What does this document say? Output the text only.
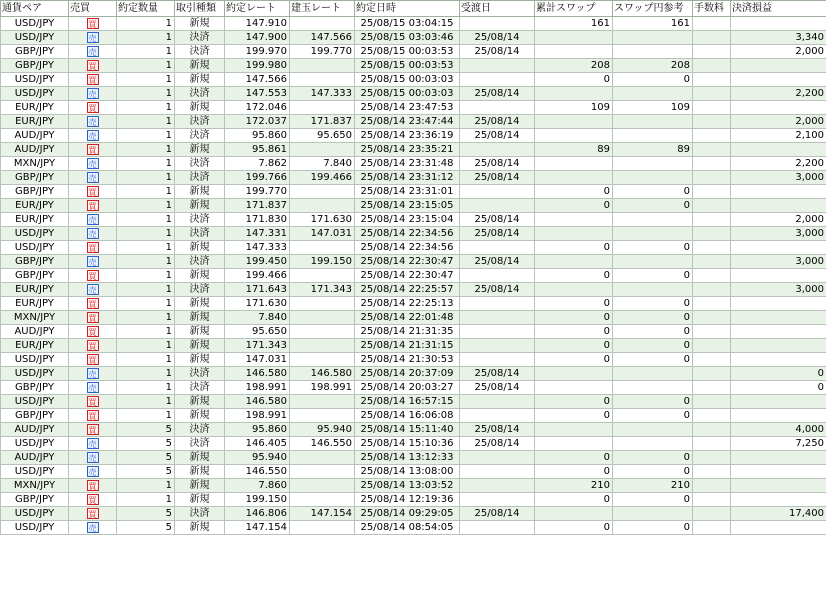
通貨ペア	売買	約定数量	取引種類	約定レート	建玉レート	約定日時	受渡日	累計スワップ	スワップ円参考	手数料	決済損益
USD/JPY	買	1	新規	147.910		25/08/15 03:04:15		161	161		
USD/JPY	売	1	決済	147.900	147.566	25/08/15 03:03:46	25/08/14				3,340
GBP/JPY	売	1	決済	199.970	199.770	25/08/15 00:03:53	25/08/14				2,000
GBP/JPY	買	1	新規	199.980		25/08/15 00:03:53		208	208		
USD/JPY	買	1	新規	147.566		25/08/15 00:03:03		0	0		
USD/JPY	売	1	決済	147.553	147.333	25/08/15 00:03:03	25/08/14				2,200
EUR/JPY	買	1	新規	172.046		25/08/14 23:47:53		109	109		
EUR/JPY	売	1	決済	172.037	171.837	25/08/14 23:47:44	25/08/14				2,000
AUD/JPY	売	1	決済	95.860	95.650	25/08/14 23:36:19	25/08/14				2,100
AUD/JPY	買	1	新規	95.861		25/08/14 23:35:21		89	89		
MXN/JPY	売	1	決済	7.862	7.840	25/08/14 23:31:48	25/08/14				2,200
GBP/JPY	売	1	決済	199.766	199.466	25/08/14 23:31:12	25/08/14				3,000
GBP/JPY	買	1	新規	199.770		25/08/14 23:31:01		0	0		
EUR/JPY	買	1	新規	171.837		25/08/14 23:15:05		0	0		
EUR/JPY	売	1	決済	171.830	171.630	25/08/14 23:15:04	25/08/14				2,000
USD/JPY	売	1	決済	147.331	147.031	25/08/14 22:34:56	25/08/14				3,000
USD/JPY	買	1	新規	147.333		25/08/14 22:34:56		0	0		
GBP/JPY	売	1	決済	199.450	199.150	25/08/14 22:30:47	25/08/14				3,000
GBP/JPY	買	1	新規	199.466		25/08/14 22:30:47		0	0		
EUR/JPY	売	1	決済	171.643	171.343	25/08/14 22:25:57	25/08/14				3,000
EUR/JPY	買	1	新規	171.630		25/08/14 22:25:13		0	0		
MXN/JPY	買	1	新規	7.840		25/08/14 22:01:48		0	0		
AUD/JPY	買	1	新規	95.650		25/08/14 21:31:35		0	0		
EUR/JPY	買	1	新規	171.343		25/08/14 21:31:15		0	0		
USD/JPY	買	1	新規	147.031		25/08/14 21:30:53		0	0		
USD/JPY	売	1	決済	146.580	146.580	25/08/14 20:37:09	25/08/14				0
GBP/JPY	売	1	決済	198.991	198.991	25/08/14 20:03:27	25/08/14				0
USD/JPY	買	1	新規	146.580		25/08/14 16:57:15		0	0		
GBP/JPY	買	1	新規	198.991		25/08/14 16:06:08		0	0		
AUD/JPY	買	5	決済	95.860	95.940	25/08/14 15:11:40	25/08/14				4,000
USD/JPY	売	5	決済	146.405	146.550	25/08/14 15:10:36	25/08/14				7,250
AUD/JPY	売	5	新規	95.940		25/08/14 13:12:33		0	0		
USD/JPY	売	5	新規	146.550		25/08/14 13:08:00		0	0		
MXN/JPY	買	1	新規	7.860		25/08/14 13:03:52		210	210		
GBP/JPY	買	1	新規	199.150		25/08/14 12:19:36		0	0		
USD/JPY	買	5	決済	146.806	147.154	25/08/14 09:29:05	25/08/14				17,400
USD/JPY	売	5	新規	147.154		25/08/14 08:54:05		0	0		
